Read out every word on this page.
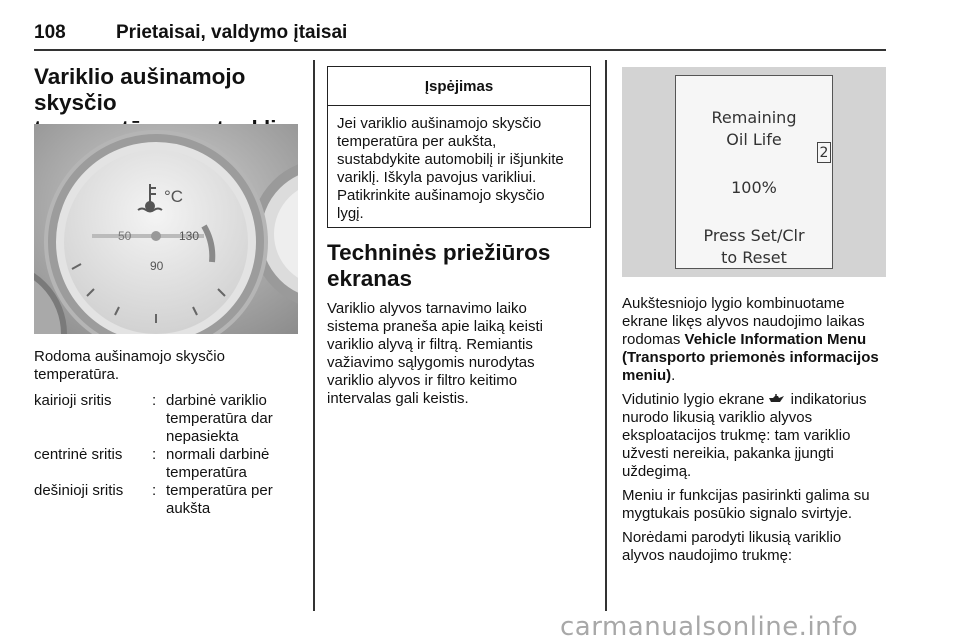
108	Prietaisai, valdymo įtaisai
Variklio aušinamojo skysčio

50	130
90
°C

Rodoma aušinamojo skysčio
temperatūra.

kairioji sritis	: darbinė variklio
temperatūra dar
nepasiekta
centrinė sritis	: normali darbinė
temperatūra
dešinioji sritis	: temperatūra per
aukšta
Įspėjimas
Jei variklio aušinamojo skysčio
temperatūra per aukšta,
sustabdykite automobilį ir išjunkite
variklį. Iškyla pavojus varikliui.
Patikrinkite aušinamojo skysčio
lygį.
Techninės priežiūros
ekranas

Variklio alyvos tarnavimo laiko
sistema praneša apie laiką keisti
variklio alyvą ir filtrą. Remiantis
važiavimo sąlygomis nurodytas
variklio alyvos ir filtro keitimo
intervalas gali keistis.

Remaining
Oil Life
100%
Press Set/Clr
to Reset
2

Aukštesniojo lygio kombinuotame
ekrane likęs alyvos naudojimo laikas
rodomas Vehicle Information Menu
(Transporto priemonės informacijos
meniu).

Vidutinio lygio ekrane  indikatorius
nurodo likusią variklio alyvos
eksploatacijos trukmę: tam variklio
užvesti nereikia, pakanka įjungti
uždegimą.

Meniu ir funkcijas pasirinkti galima su
mygtukais posūkio signalo svirtyje.

Norėdami parodyti likusią variklio
alyvos naudojimo trukmę:

carmanualsonline.info
